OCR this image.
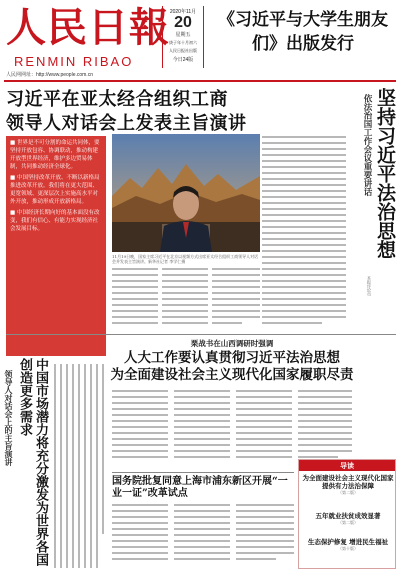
人民日報
RENMIN RIBAO
人民网网址：http://www.people.com.cn
2020年11月
20
星期五
庚子年十月初六
人民日报社出版
今日24版
《习近平与大学生朋友们》出版发行
习近平在亚太经合组织工商
领导人对话会上发表主旨演讲

■ 世界是不可分割的命运共同体，要坚持开放包容、协调联动，推动构建开放型世界经济，维护多边贸易体制，共同推动经济全球化。

■ 中国坚持改革开放、不断以新格局推进改革开放。我们将在更大范围、更宽领域、更深层次上实施高水平对外开放，推动形成开放新格局。

■ 中国经济长期向好的基本面没有改变，我们有信心、有能力实现经济社会发展目标。

11月19日晚，国家主席习近平在北京以视频方式出席亚太经合组织工商领导人对话会并发表主旨演讲。新华社记者 李学仁摄
坚持习近平法治思想
依法治国工作会议重要讲话
本报评论员
栗战书在山西调研时强调
人大工作要认真贯彻习近平法治思想
为全面建设社会主义现代化国家履职尽责
中国市场潜力将充分激发为世界各国创造更多需求
领导人对话会上的主旨演讲
国务院批复同意上海市浦东新区开展“一业一证”改革试点
导读
为全面建设社会主义现代化国家提供有力法治保障
（第二版）
五年就业扶贫成效显著
（第二版）
生态保护修复 增进民生福祉
（第十版）
